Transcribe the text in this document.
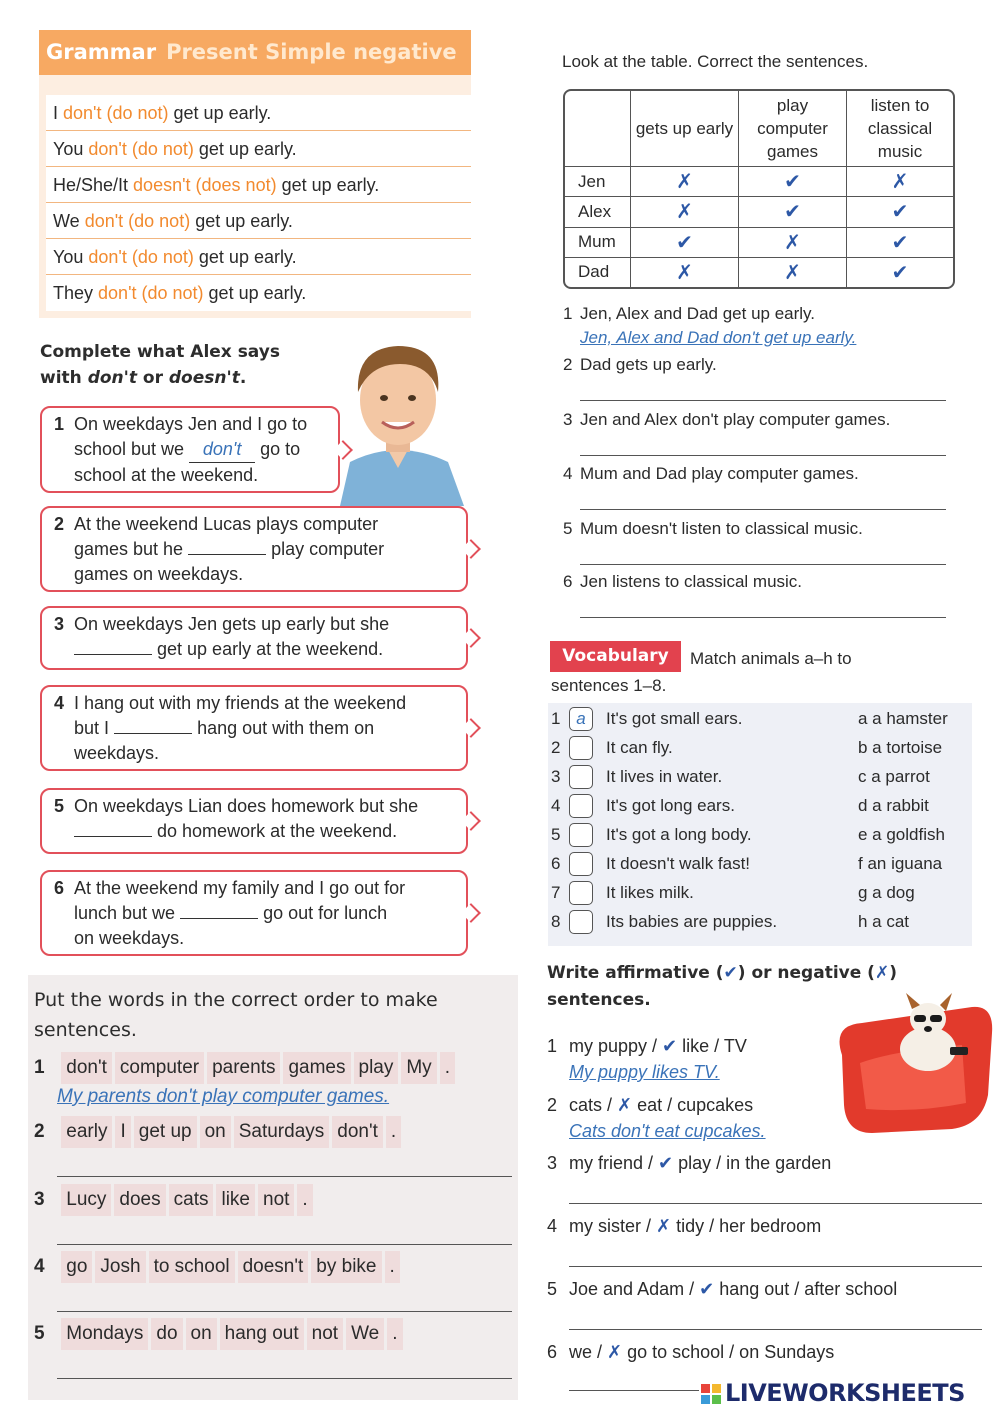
Grammar Present Simple negative
I don't (do not) get up early.
You don't (do not) get up early.
He/She/It doesn't (does not) get up early.
We don't (do not) get up early.
You don't (do not) get up early.
They don't (do not) get up early.
Complete what Alex says
with don't or doesn't.
1 On weekdays Jen and I go to
school but we don't go to
school at the weekend.
2 At the weekend Lucas plays computer
games but he	play computer
games on weekdays.
3 On weekdays Jen gets up early but she
get up early at the weekend.
4 I hang out with my friends at the weekend
but I	hang out with them on
weekdays.
5 On weekdays Lian does homework but she
do homework at the weekend.
6 At the weekend my family and I go out for
lunch but we	go out for lunch
on weekdays.
Put the words in the correct order to make
sentences.
1 don't computer parents games play My .
My parents don't play computer games.
2 early I get up on Saturdays don't .
3 Lucy does cats like not .
4 go Josh to school doesn't by bike .
5 Mondays do on hang out not We .
Look at the table. Correct the sentences.
	gets up early	play computer games	listen to classical music
Jen	✗	✔	✗
Alex	✗	✔	✔
Mum	✔	✗	✔
Dad	✗	✗	✔
1 Jen, Alex and Dad get up early.
Jen, Alex and Dad don't get up early.
2 Dad gets up early.
3 Jen and Alex don't play computer games.
4 Mum and Dad play computer games.
5 Mum doesn't listen to classical music.
6 Jen listens to classical music.
Vocabulary	Match animals a–h to
sentences 1–8.
1 a	It's got small ears.	a a hamster
2	It can fly.	b a tortoise
3	It lives in water.	c a parrot
4	It's got long ears.	d a rabbit
5	It's got a long body.	e a goldfish
6	It doesn't walk fast!	f an iguana
7	It likes milk.	g a dog
8	Its babies are puppies.	h a cat
Write affirmative (✔) or negative (✗)
sentences.
1 my puppy / ✔ like / TV
My puppy likes TV.
2 cats / ✗ eat / cupcakes
Cats don't eat cupcakes.
3 my friend / ✔ play / in the garden
4 my sister / ✗ tidy / her bedroom
5 Joe and Adam / ✔ hang out / after school
6 we / ✗ go to school / on Sundays
LIVEWORKSHEETS
